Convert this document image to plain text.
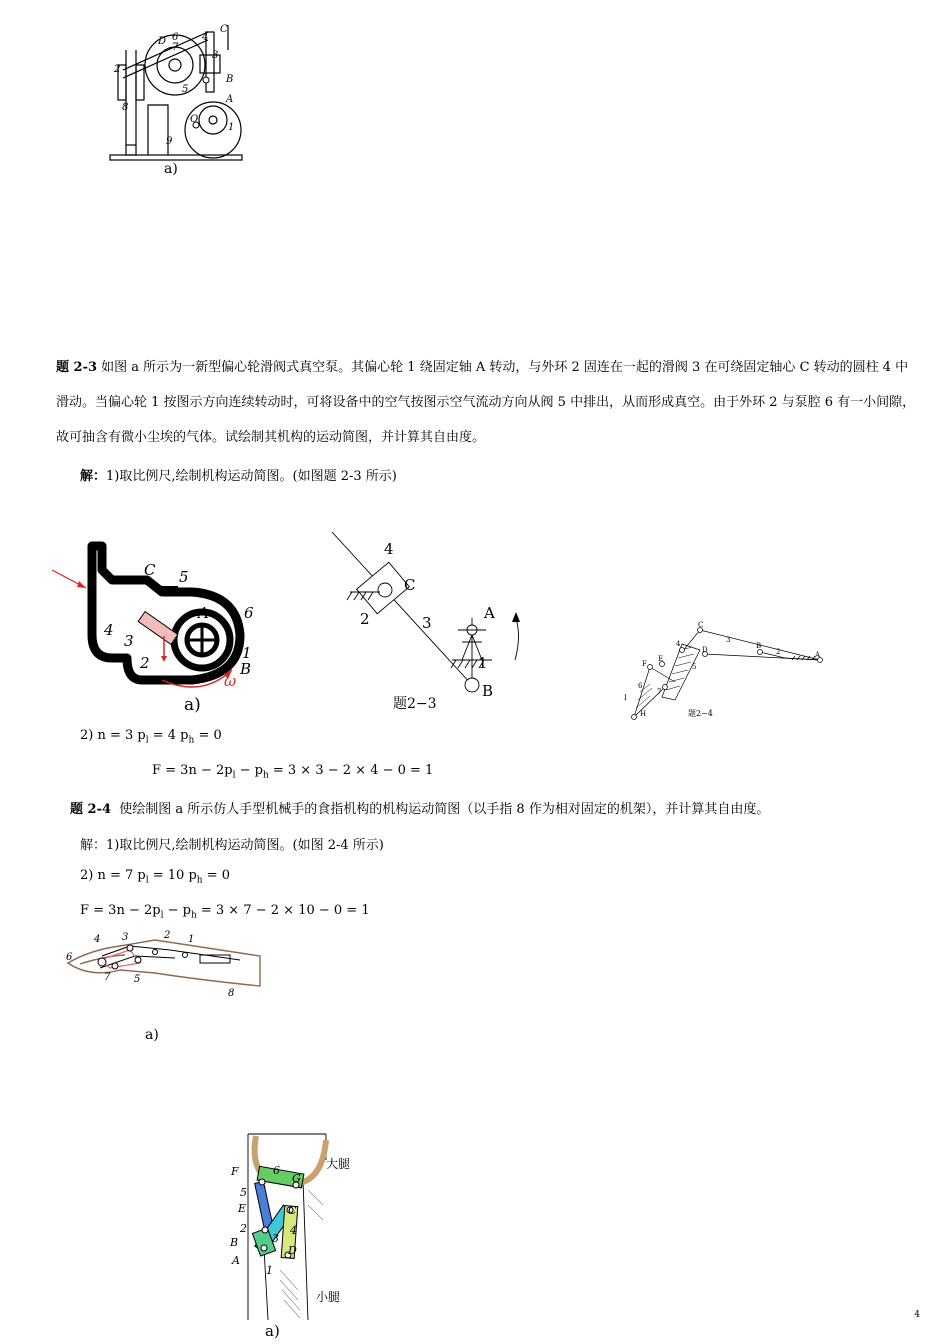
C
D 6 4
7
2
3
B
5
A
8
O
1
9
a)
题 2-3 如图 a 所示为一新型偏心轮滑阀式真空泵。其偏心轮 1 绕固定轴 A 转动，与外环 2 固连在一起的滑阀 3 在可绕固定轴心 C 转动的圆柱 4 中滑动。当偏心轮 1 按图示方向连续转动时，可将设备中的空气按图示空气流动方向从阀 5 中排出，从而形成真空。由于外环 2 与泵腔 6 有一小间隙，故可抽含有微小尘埃的气体。试绘制其机构的运动简图，并计算其自由度。
解：1)取比例尺,绘制机构运动简图。(如图题 2-3 所示)
C 5
A 6
4
3
1
2	B
ω
a)
4
C
2	3
A
1
B
题2−3
C
4	3
B
2	A
F
E
D
6
5
7
I
H	题2−4
2) n = 3 $p_l = 4$ $p_h = 0$
$F = 3n - 2p_l - p_h = 3 \times 3 - 2 \times 4 - 0 = 1$
题 2-4 使绘制图 a 所示仿人手型机械手的食指机构的机构运动简图（以手指 8 作为相对固定的机架），并计算其自由度。
解：1)取比例尺,绘制机构运动简图。(如图 2-4 所示)
2) n = 7 $p_l = 10$ $p_h = 0$
$F = 3n - 2p_l - p_h = 3 \times 7 - 2 \times 10 - 0 = 1$
4 3	2 1
6
7 5
8
a)
F	6
G
5
E	C
2	4
B	3
D
A
1
大腿
小腿
a)
4
